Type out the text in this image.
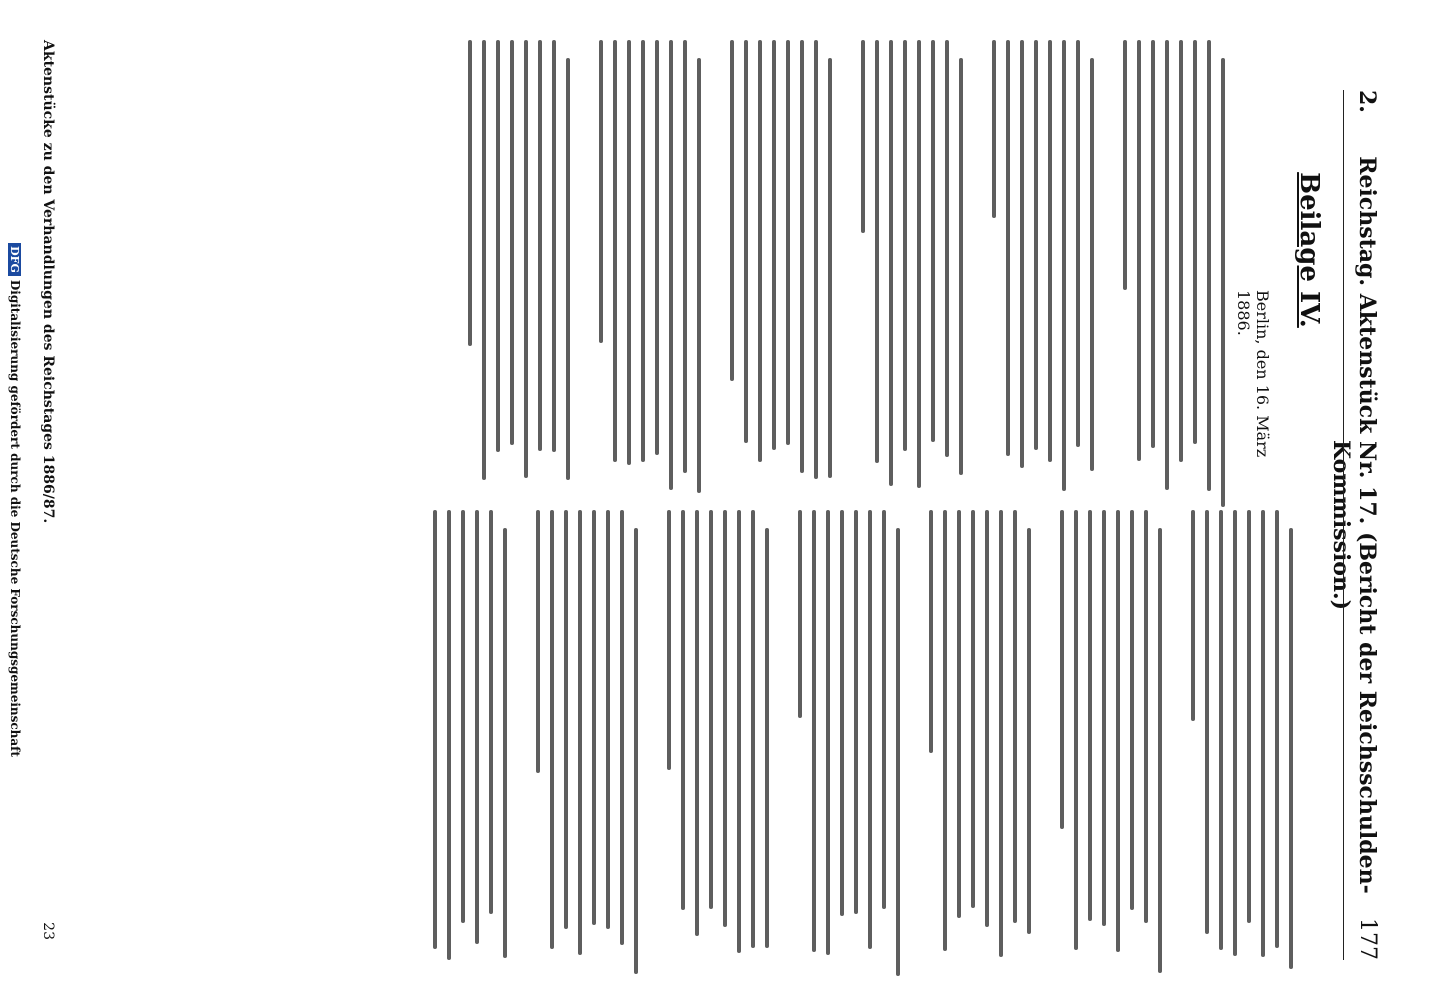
2.
Reichstag. Aktenstück Nr. 17. (Bericht der Reichsschulden-Kommission.)
177
Beilage IV.
Berlin, den 16. März 1886.
Aktenstücke zu den Verhandlungen des Reichstages 1886/87.
23
DFGDigitalisierung gefördert durch die Deutsche Forschungsgemeinschaft
